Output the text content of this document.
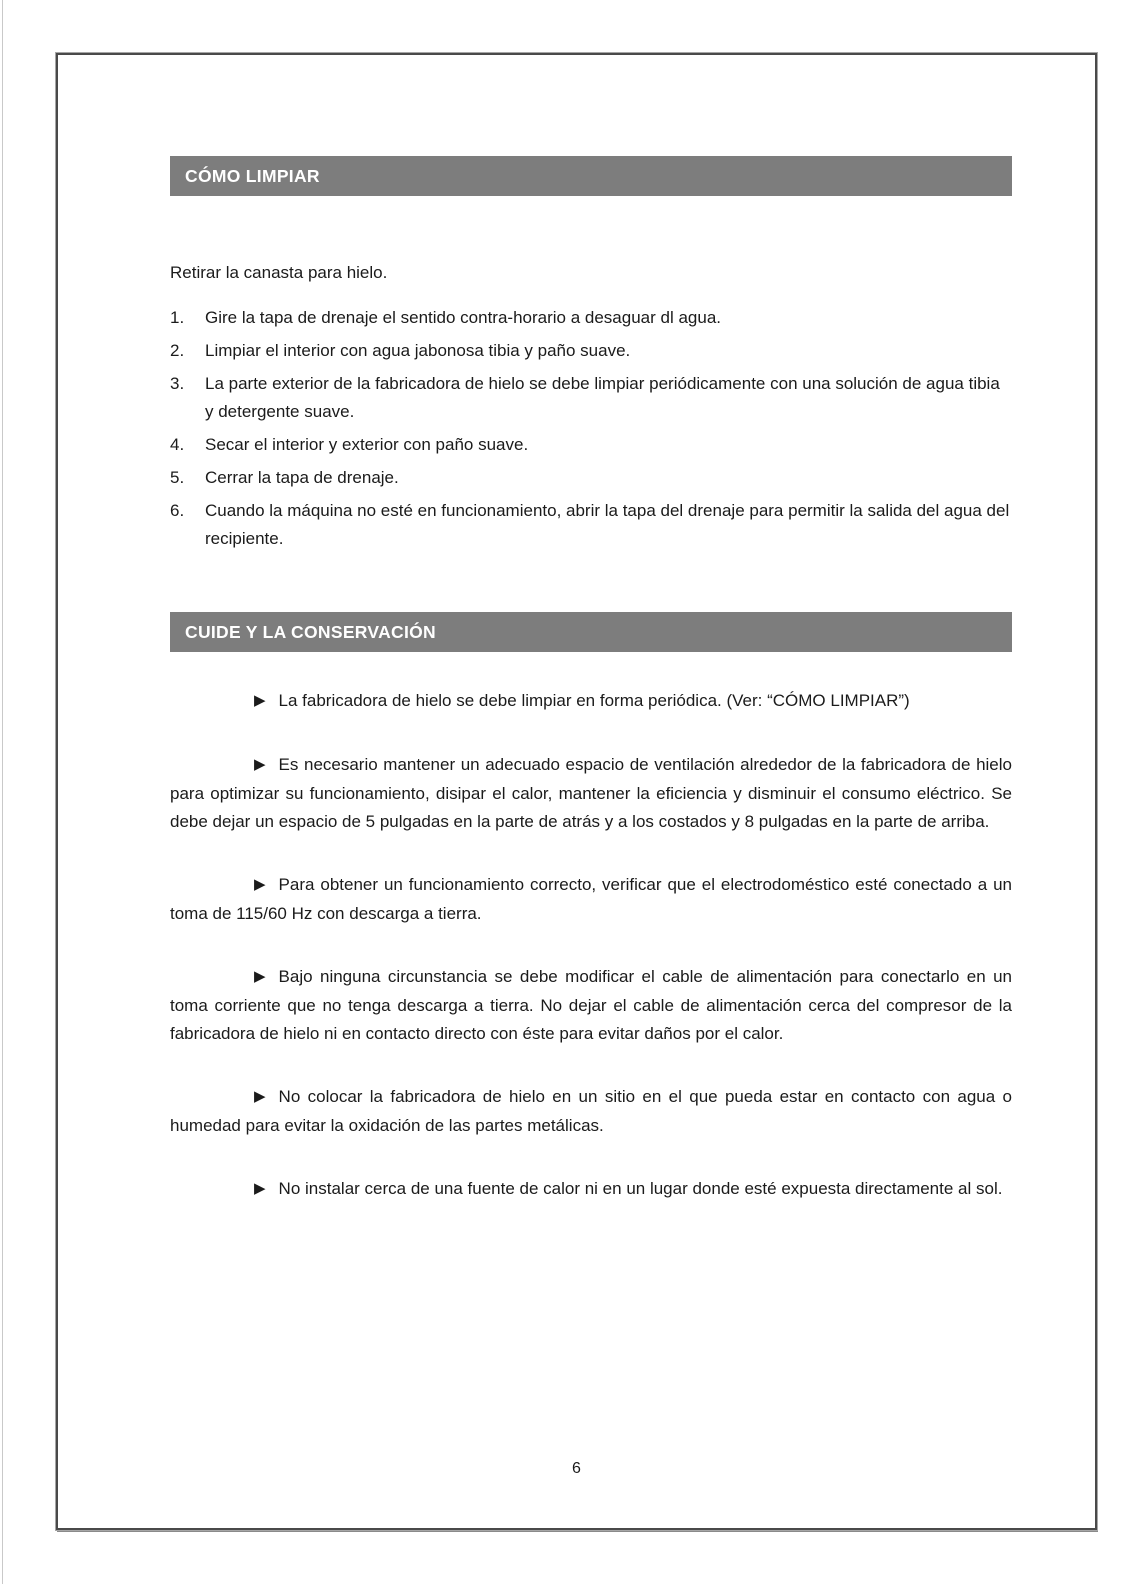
CÓMO LIMPIAR
Retirar la canasta para hielo.
1.	Gire la tapa de drenaje el sentido contra-horario a desaguar dl agua.
2.	Limpiar el interior con agua jabonosa tibia y paño suave.
3.	La parte exterior de la fabricadora de hielo se debe limpiar periódicamente con una solución de agua tibia y detergente suave.
4.	Secar el interior y exterior con paño suave.
5.	Cerrar la tapa de drenaje.
6.	Cuando la máquina no esté en funcionamiento, abrir la tapa del drenaje para permitir la salida del agua del recipiente.
CUIDE Y LA CONSERVACIÓN

▶ La fabricadora de hielo se debe limpiar en forma periódica. (Ver: “CÓMO LIMPIAR”)

▶ Es necesario mantener un adecuado espacio de ventilación alrededor de la fabricadora de hielo para optimizar su funcionamiento, disipar el calor, mantener la eficiencia y disminuir el consumo eléctrico. Se debe dejar un espacio de 5 pulgadas en la parte de atrás y a los costados y 8 pulgadas en la parte de arriba.

▶ Para obtener un funcionamiento correcto, verificar que el electrodoméstico esté conectado a un toma de 115/60 Hz con descarga a tierra.

▶ Bajo ninguna circunstancia se debe modificar el cable de alimentación para conectarlo en un toma corriente que no tenga descarga a tierra. No dejar el cable de alimentación cerca del compresor de la fabricadora de hielo ni en contacto directo con éste para evitar daños por el calor.

▶ No colocar la fabricadora de hielo en un sitio en el que pueda estar en contacto con agua o humedad para evitar la oxidación de las partes metálicas.

▶ No instalar cerca de una fuente de calor ni en un lugar donde esté expuesta directamente al sol.

6
